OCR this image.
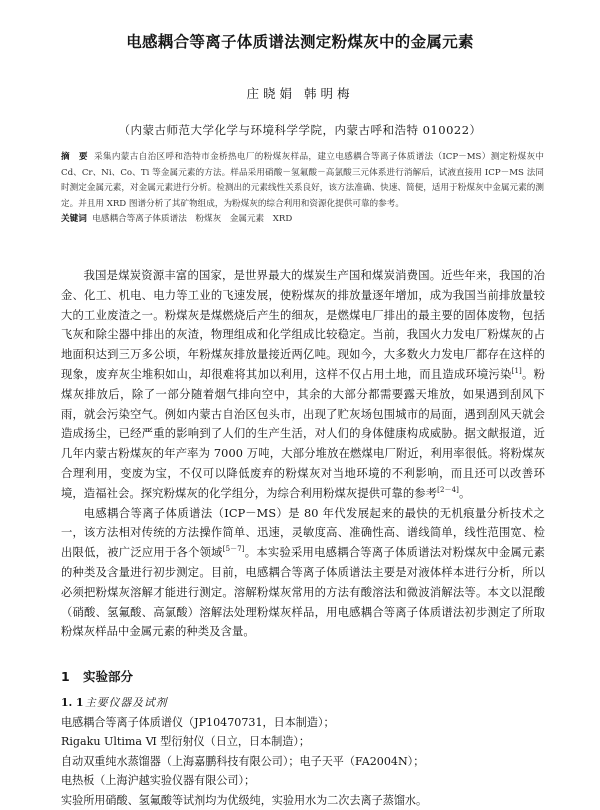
电感耦合等离子体质谱法测定粉煤灰中的金属元素
庄晓娟 韩明梅
（内蒙古师范大学化学与环境科学学院，内蒙古呼和浩特 010022）
摘　要 采集内蒙古自治区呼和浩特市金桥热电厂的粉煤灰样品，建立电感耦合等离子体质谱法（ICP－MS）测定粉煤灰中 Cd、Cr、Ni、Co、Ti 等金属元素的方法。样品采用硝酸－氢氟酸－高氯酸三元体系进行消解后，试液直接用 ICP－MS 法同时测定金属元素，对金属元素进行分析。检测出的元素线性关系良好，该方法准确、快速、简便，适用于粉煤灰中金属元素的测定。并且用 XRD 图谱分析了其矿物组成，为粉煤灰的综合利用和资源化提供可靠的参考。
关键词 电感耦合等离子体质谱法　粉煤灰　金属元素　XRD

我国是煤炭资源丰富的国家，是世界最大的煤炭生产国和煤炭消费国。近些年来，我国的冶金、化工、机电、电力等工业的飞速发展，使粉煤灰的排放量逐年增加，成为我国当前排放量较大的工业废渣之一。粉煤灰是煤燃烧后产生的细灰，是燃煤电厂排出的最主要的固体废物，包括飞灰和除尘器中排出的灰渣，物理组成和化学组成比较稳定。当前，我国火力发电厂粉煤灰的占地面积达到三万多公顷，年粉煤灰排放量接近两亿吨。现如今，大多数火力发电厂都存在这样的现象，废弃灰尘堆积如山，却很难将其加以利用，这样不仅占用土地，而且造成环境污染[1]。粉煤灰排放后，除了一部分随着烟气排向空中，其余的大部分都需要露天堆放，如果遇到刮风下雨，就会污染空气。例如内蒙古自治区包头市，出现了贮灰场包围城市的局面，遇到刮风天就会造成扬尘，已经严重的影响到了人们的生产生活，对人们的身体健康构成威胁。据文献报道，近几年内蒙古粉煤灰的年产率为 7000 万吨，大部分堆放在燃煤电厂附近，利用率很低。将粉煤灰合理利用，变废为宝，不仅可以降低废弃的粉煤灰对当地环境的不利影响，而且还可以改善环境，造福社会。探究粉煤灰的化学组分，为综合利用粉煤灰提供可靠的参考[2－4]。

电感耦合等离子体质谱法（ICP－MS）是 80 年代发展起来的最快的无机痕量分析技术之一，该方法相对传统的方法操作简单、迅速，灵敏度高、准确性高、谱线简单，线性范围宽、检出限低，被广泛应用于各个领域[5－7]。本实验采用电感耦合等离子体质谱法对粉煤灰中金属元素的种类及含量进行初步测定。目前，电感耦合等离子体质谱法主要是对液体样本进行分析，所以必须把粉煤灰溶解才能进行测定。溶解粉煤灰常用的方法有酸溶法和微波消解法等。本文以混酸（硝酸、氢氟酸、高氯酸）溶解法处理粉煤灰样品，用电感耦合等离子体质谱法初步测定了所取粉煤灰样品中金属元素的种类及含量。

1 实验部分
1. 1主要仪器及试剂
电感耦合等离子体质谱仪（JP10470731，日本制造）；
Rigaku Ultima Ⅵ 型衍射仪（日立，日本制造）；
自动双重纯水蒸馏器（上海嘉鹏科技有限公司）；电子天平（FA2004N）；
电热板（上海沪越实验仪器有限公司）；
实验所用硝酸、氢氟酸等试剂均为优级纯，实验用水为二次去离子蒸馏水。
